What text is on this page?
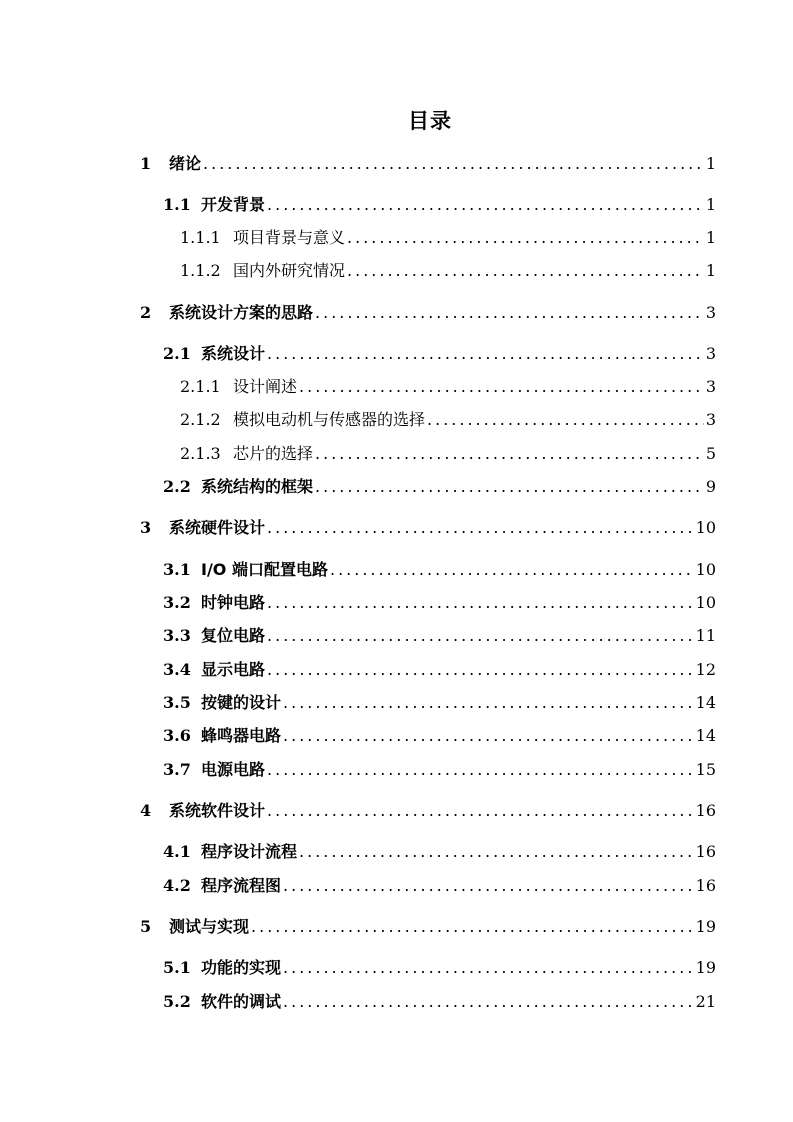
目录
1	绪论 .....	1
1.1 开发背景 .....	1
1.1.1 项目背景与意义 .....	1
1.1.2 国内外研究情况 .....	1
2	系统设计方案的思路 .....	3
2.1 系统设计 .....	3
2.1.1 设计阐述 .....	3
2.1.2 模拟电动机与传感器的选择 .....	3
2.1.3 芯片的选择 .....	5
2.2 系统结构的框架 .....	9
3	系统硬件设计 .....	10
3.1 I/O 端口配置电路 .....	10
3.2 时钟电路 .....	10
3.3 复位电路 .....	11
3.4 显示电路 .....	12
3.5 按键的设计 .....	14
3.6 蜂鸣器电路 .....	14
3.7 电源电路 .....	15
4	系统软件设计 .....	16
4.1 程序设计流程 .....	16
4.2 程序流程图 .....	16
5	测试与实现 .....	19
5.1 功能的实现 .....	19
5.2 软件的调试 .....	21
